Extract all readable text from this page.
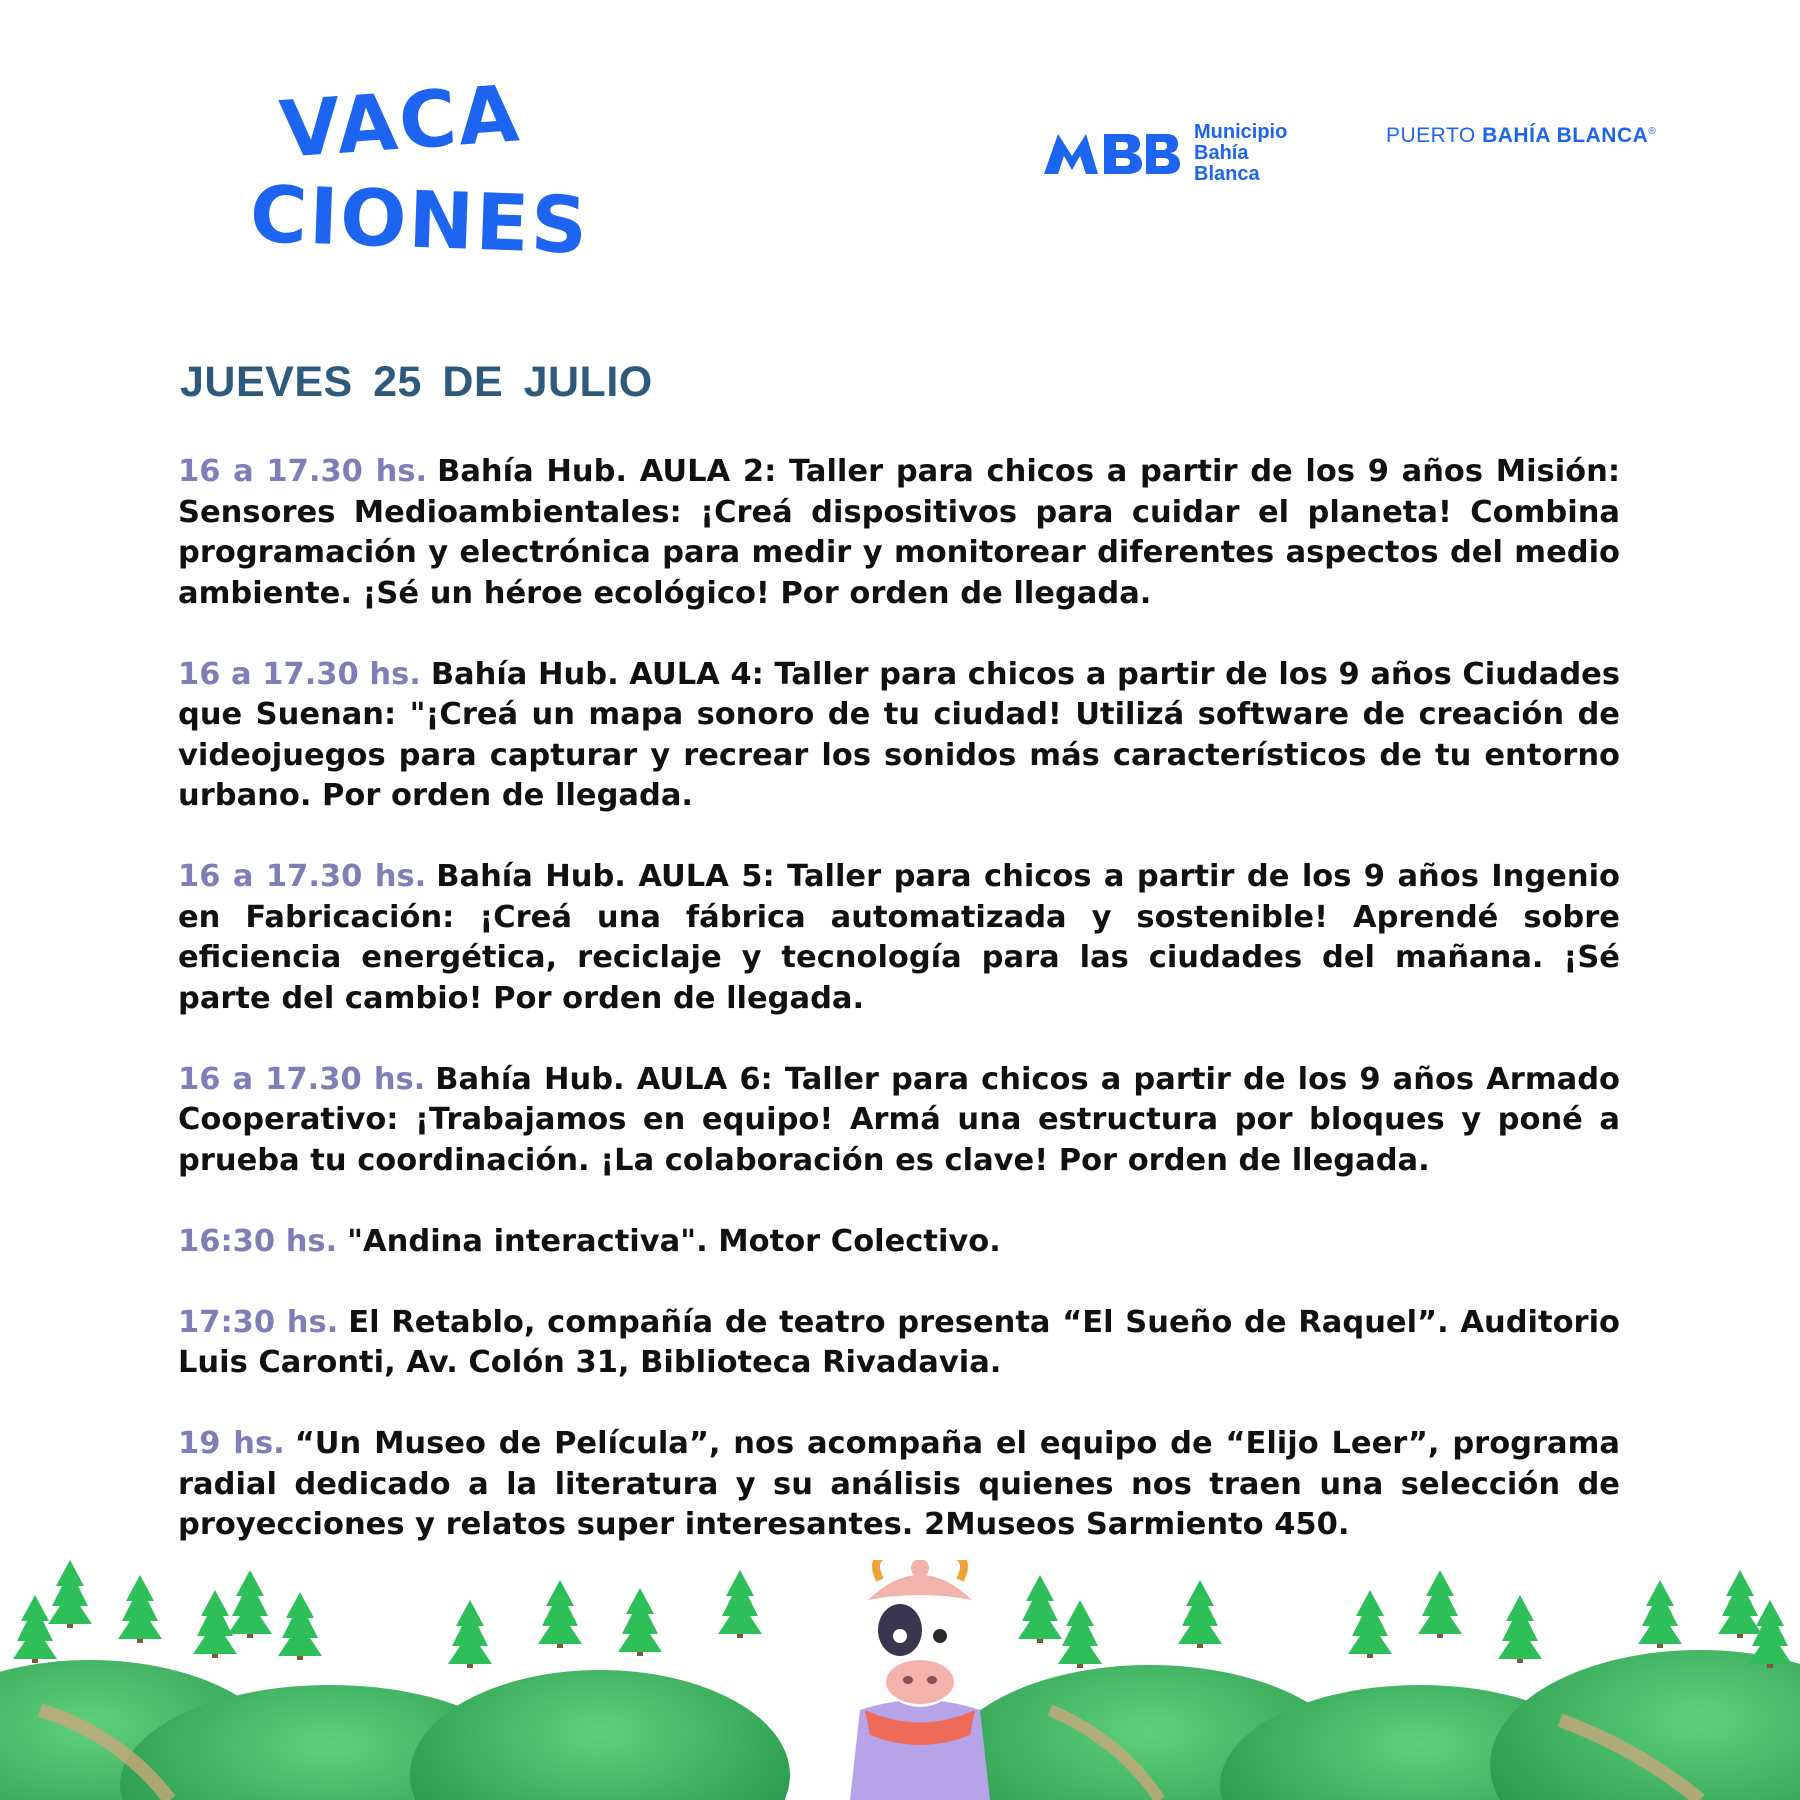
VACA
CIONES
Municipio
Bahía
Blanca
PUERTO BAHÍA BLANCA®
JUEVES 25 DE JULIO

16 a 17.30 hs. Bahía Hub. AULA 2: Taller para chicos a partir de los 9 años Misión: Sensores Medioambientales: ¡Creá dispositivos para cuidar el planeta! Combina programación y electrónica para medir y monitorear diferentes aspectos del medio ambiente. ¡Sé un héroe ecológico! Por orden de llegada.

16 a 17.30 hs. Bahía Hub. AULA 4: Taller para chicos a partir de los 9 años Ciudades que Suenan: "¡Creá un mapa sonoro de tu ciudad! Utilizá software de creación de videojuegos para capturar y recrear los sonidos más característicos de tu entorno urbano. Por orden de llegada.

16 a 17.30 hs. Bahía Hub. AULA 5: Taller para chicos a partir de los 9 años Ingenio en Fabricación: ¡Creá una fábrica automatizada y sostenible! Aprendé sobre eficiencia energética, reciclaje y tecnología para las ciudades del mañana. ¡Sé parte del cambio! Por orden de llegada.

16 a 17.30 hs. Bahía Hub. AULA 6: Taller para chicos a partir de los 9 años Armado Cooperativo: ¡Trabajamos en equipo! Armá una estructura por bloques y poné a prueba tu coordinación. ¡La colaboración es clave! Por orden de llegada.

16:30 hs. "Andina interactiva". Motor Colectivo.

17:30 hs. El Retablo, compañía de teatro presenta “El Sueño de Raquel”. Auditorio Luis Caronti, Av. Colón 31, Biblioteca Rivadavia.

19 hs. “Un Museo de Película”, nos acompaña el equipo de “Elijo Leer”, programa radial dedicado a la literatura y su análisis quienes nos traen una selección de proyecciones y relatos super interesantes. 2Museos Sarmiento 450.
